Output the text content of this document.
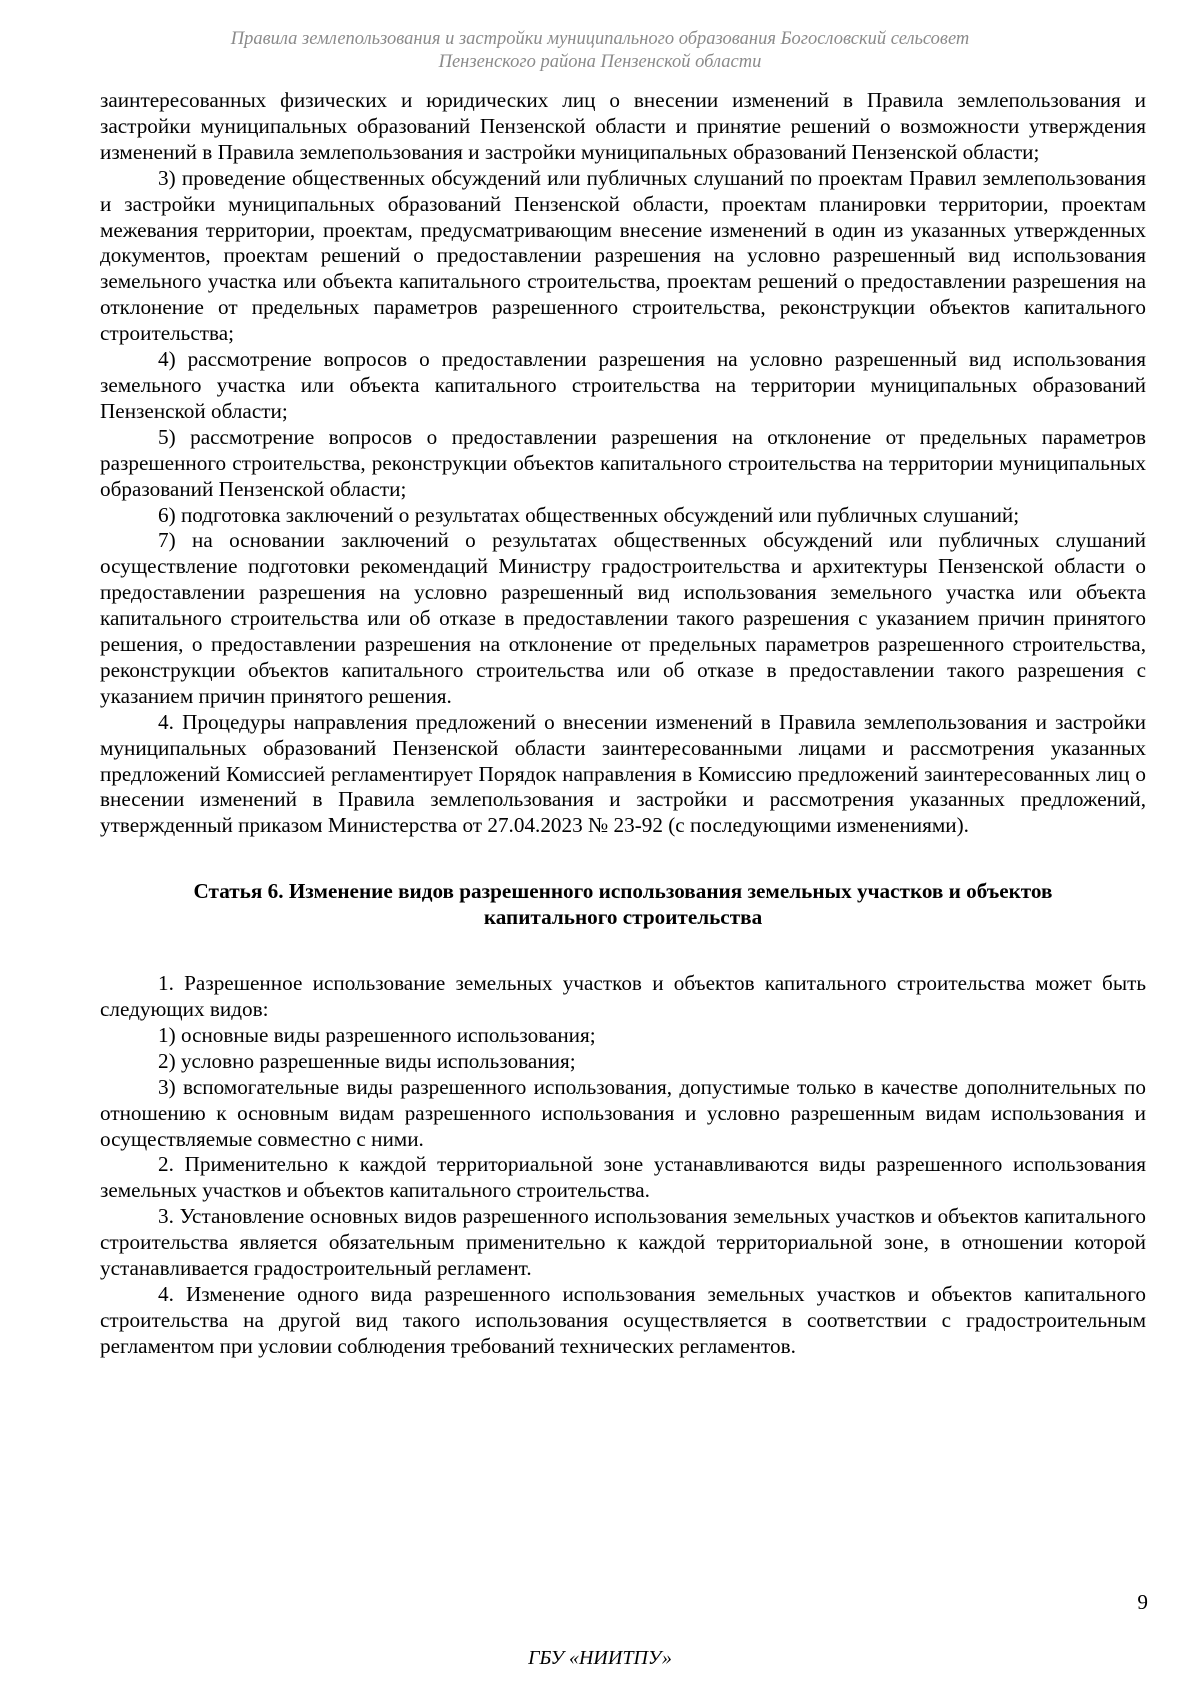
Правила землепользования и застройки муниципального образования Богословский сельсовет
Пензенского района Пензенской области

заинтересованных физических и юридических лиц о внесении изменений в Правила землепользования и застройки муниципальных образований Пензенской области и принятие решений о возможности утверждения изменений в Правила землепользования и застройки муниципальных образований Пензенской области;

3) проведение общественных обсуждений или публичных слушаний по проектам Правил землепользования и застройки муниципальных образований Пензенской области, проектам планировки территории, проектам межевания территории, проектам, предусматривающим внесение изменений в один из указанных утвержденных документов, проектам решений о предоставлении разрешения на условно разрешенный вид использования земельного участка или объекта капитального строительства, проектам решений о предоставлении разрешения на отклонение от предельных параметров разрешенного строительства, реконструкции объектов капитального строительства;

4) рассмотрение вопросов о предоставлении разрешения на условно разрешенный вид использования земельного участка или объекта капитального строительства на территории муниципальных образований Пензенской области;

5) рассмотрение вопросов о предоставлении разрешения на отклонение от предельных параметров разрешенного строительства, реконструкции объектов капитального строительства на территории муниципальных образований Пензенской области;

6) подготовка заключений о результатах общественных обсуждений или публичных слушаний;

7) на основании заключений о результатах общественных обсуждений или публичных слушаний осуществление подготовки рекомендаций Министру градостроительства и архитектуры Пензенской области о предоставлении разрешения на условно разрешенный вид использования земельного участка или объекта капитального строительства или об отказе в предоставлении такого разрешения с указанием причин принятого решения, о предоставлении разрешения на отклонение от предельных параметров разрешенного строительства, реконструкции объектов капитального строительства или об отказе в предоставлении такого разрешения с указанием причин принятого решения.

4. Процедуры направления предложений о внесении изменений в Правила землепользования и застройки муниципальных образований Пензенской области заинтересованными лицами и рассмотрения указанных предложений Комиссией регламентирует Порядок направления в Комиссию предложений заинтересованных лиц о внесении изменений в Правила землепользования и застройки и рассмотрения указанных предложений, утвержденный приказом Министерства от 27.04.2023 № 23-92 (с последующими изменениями).

Статья 6. Изменение видов разрешенного использования земельных участков и объектов
капитального строительства

1. Разрешенное использование земельных участков и объектов капитального строительства может быть следующих видов:

1) основные виды разрешенного использования;

2) условно разрешенные виды использования;

3) вспомогательные виды разрешенного использования, допустимые только в качестве дополнительных по отношению к основным видам разрешенного использования и условно разрешенным видам использования и осуществляемые совместно с ними.

2. Применительно к каждой территориальной зоне устанавливаются виды разрешенного использования земельных участков и объектов капитального строительства.

3. Установление основных видов разрешенного использования земельных участков и объектов капитального строительства является обязательным применительно к каждой территориальной зоне, в отношении которой устанавливается градостроительный регламент.

4. Изменение одного вида разрешенного использования земельных участков и объектов капитального строительства на другой вид такого использования осуществляется в соответствии с градостроительным регламентом при условии соблюдения требований технических регламентов.

9
ГБУ «НИИТПУ»
